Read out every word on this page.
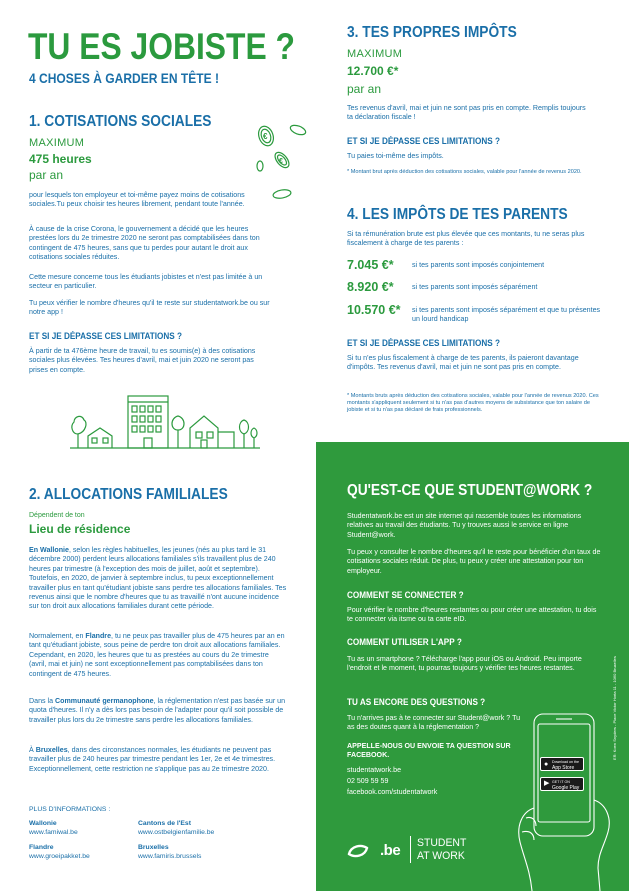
TU ES JOBISTE ?
4 CHOSES À GARDER EN TÊTE !
1. COTISATIONS SOCIALES
MAXIMUM
475 heures
par an
€
€
pour lesquels ton employeur et toi-même payez moins de cotisations sociales.Tu peux choisir tes heures librement, pendant toute l'année.
À cause de la crise Corona, le gouvernement a décidé que les heures prestées lors du 2e trimestre 2020 ne seront pas comptabilisées dans ton contingent de 475 heures, sans que tu perdes pour autant le droit aux cotisations sociales réduites.
Cette mesure concerne tous les étudiants jobistes et n'est pas limitée à un secteur en particulier.
Tu peux vérifier le nombre d'heures qu'il te reste sur studentatwork.be ou sur notre app !
ET SI JE DÉPASSE CES LIMITATIONS ?
À partir de ta 476ème heure de travail, tu es soumis(e) à des cotisations sociales plus élevées. Tes heures d'avril, mai et juin 2020 ne seront pas prises en compte.
2. ALLOCATIONS FAMILIALES
Dépendent de ton
Lieu de résidence
En Wallonie, selon les règles habituelles, les jeunes (nés au plus tard le 31 décembre 2000) perdent leurs allocations familiales s'ils travaillent plus de 240 heures par trimestre (à l'exception des mois de juillet, août et septembre). Toutefois, en 2020, de janvier à septembre inclus, tu peux exceptionnellement travailler plus en tant qu'étudiant jobiste sans perdre tes allocations familiales. Tes revenus ainsi que le nombre d'heures que tu as travaillé n'ont aucune incidence sur ton droit aux allocations familiales durant cette période.
Normalement, en Flandre, tu ne peux pas travailler plus de 475 heures par an en tant qu'étudiant jobiste, sous peine de perdre ton droit aux allocations familiales. Cependant, en 2020, les heures que tu as prestées au cours du 2e trimestre (avril, mai et juin) ne sont exceptionnellement pas comptabilisées dans ton contingent de 475 heures.
Dans la Communauté germanophone, la réglementation n'est pas basée sur un quota d'heures. Il n'y a dès lors pas besoin de l'adapter pour qu'il soit possible de travailler plus lors du 2e trimestre sans perdre les allocations familiales.
À Bruxelles, dans des circonstances normales, les étudiants ne peuvent pas travailler plus de 240 heures par trimestre pendant les 1er, 2e et 4e trimestres. Exceptionnellement, cette restriction ne s'applique pas au 2e trimestre 2020.
PLUS D'INFORMATIONS :
Wallonie
www.famiwal.be
Cantons de l'Est
www.ostbelgienfamilie.be
Flandre
www.groeipakket.be
Bruxelles
www.famiris.brussels
3. TES PROPRES IMPÔTS
MAXIMUM
12.700 €*
par an
Tes revenus d'avril, mai et juin ne sont pas pris en compte. Remplis toujours ta déclaration fiscale !
ET SI JE DÉPASSE CES LIMITATIONS ?
Tu paies toi-même des impôts.
* Montant brut après déduction des cotisations sociales, valable pour l'année de revenus 2020.
4. LES IMPÔTS DE TES PARENTS
Si ta rémunération brute est plus élevée que ces montants, tu ne seras plus fiscalement à charge de tes parents :
7.045 €*	si tes parents sont imposés conjointement
8.920 €*	si tes parents sont imposés séparément
10.570 €* si tes parents sont imposés séparément et que tu présentes un lourd handicap
ET SI JE DÉPASSE CES LIMITATIONS ?
Si tu n'es plus fiscalement à charge de tes parents, ils paieront davantage d'impôts. Tes revenus d'avril, mai et juin ne sont pas pris en compte.
* Montants bruts après déduction des cotisations sociales, valable pour l'année de revenus 2020. Ces montants s'appliquent seulement si tu n'as pas d'autres moyens de subsistance que ton salaire de jobiste et si tu n'as pas déclaré de frais professionnels.
QU'EST-CE QUE STUDENT@WORK ?
Studentatwork.be est un site internet qui rassemble toutes les informations relatives au travail des étudiants. Tu y trouves aussi le service en ligne Student@work.
Tu peux y consulter le nombre d'heures qu'il te reste pour bénéficier d'un taux de cotisations sociales réduit. De plus, tu peux y créer une attestation pour ton employeur.
COMMENT SE CONNECTER ?
Pour vérifier le nombre d'heures restantes ou pour créer une attestation, tu dois te connecter via itsme ou ta carte eID.
COMMENT UTILISER L'APP ?
Tu as un smartphone ? Télécharge l'app pour iOS ou Android. Peu importe l'endroit et le moment, tu pourras toujours y vérifier tes heures restantes.
TU AS ENCORE DES QUESTIONS ?
Tu n'arrives pas à te connecter sur Student@work ? Tu as des doutes quant à la réglementation ?
APPELLE-NOUS OU ENVOIE TA QUESTION SUR FACEBOOK.
studentatwork.be
02 509 59 59
facebook.com/studentatwork
● Download on the
App Store
▶ GET IT ON
Google Play
ER: Koen Snyders - Place Victor Horta 11 - 1060 Bruxelles
.be STUDENT
AT WORK
